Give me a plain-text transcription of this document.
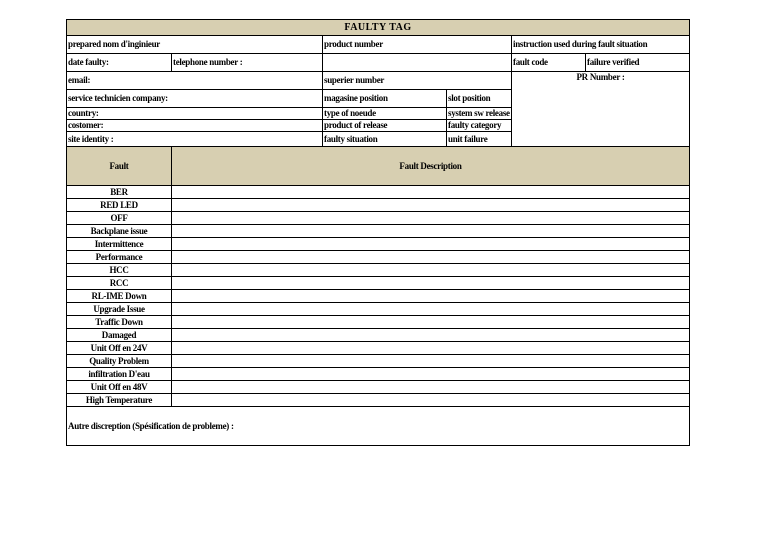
FAULTY TAG					
prepared nom d'inginieur		product number		instruction used during fault situation	
date faulty:	telephone number :			fault code	failure verified
email:		superier number		PR Number :	
service technicien company:		magasine position	slot position		
country:		type of noeude	system sw release		
costomer:		product of release	faulty category		
site identity :		faulty situation	unit failure		
Fault	Fault Description				
BER					
RED LED					
OFF					
Backplane issue					
Intermittence					
Performance					
HCC					
RCC					
RL-IME Down					
Upgrade Issue					
Traffic Down					
Damaged					
Unit Off en 24V					
Quality Problem					
infiltration D'eau					
Unit Off en 48V					
High Temperature					
Autre discreption (Spésification de probleme) :					
